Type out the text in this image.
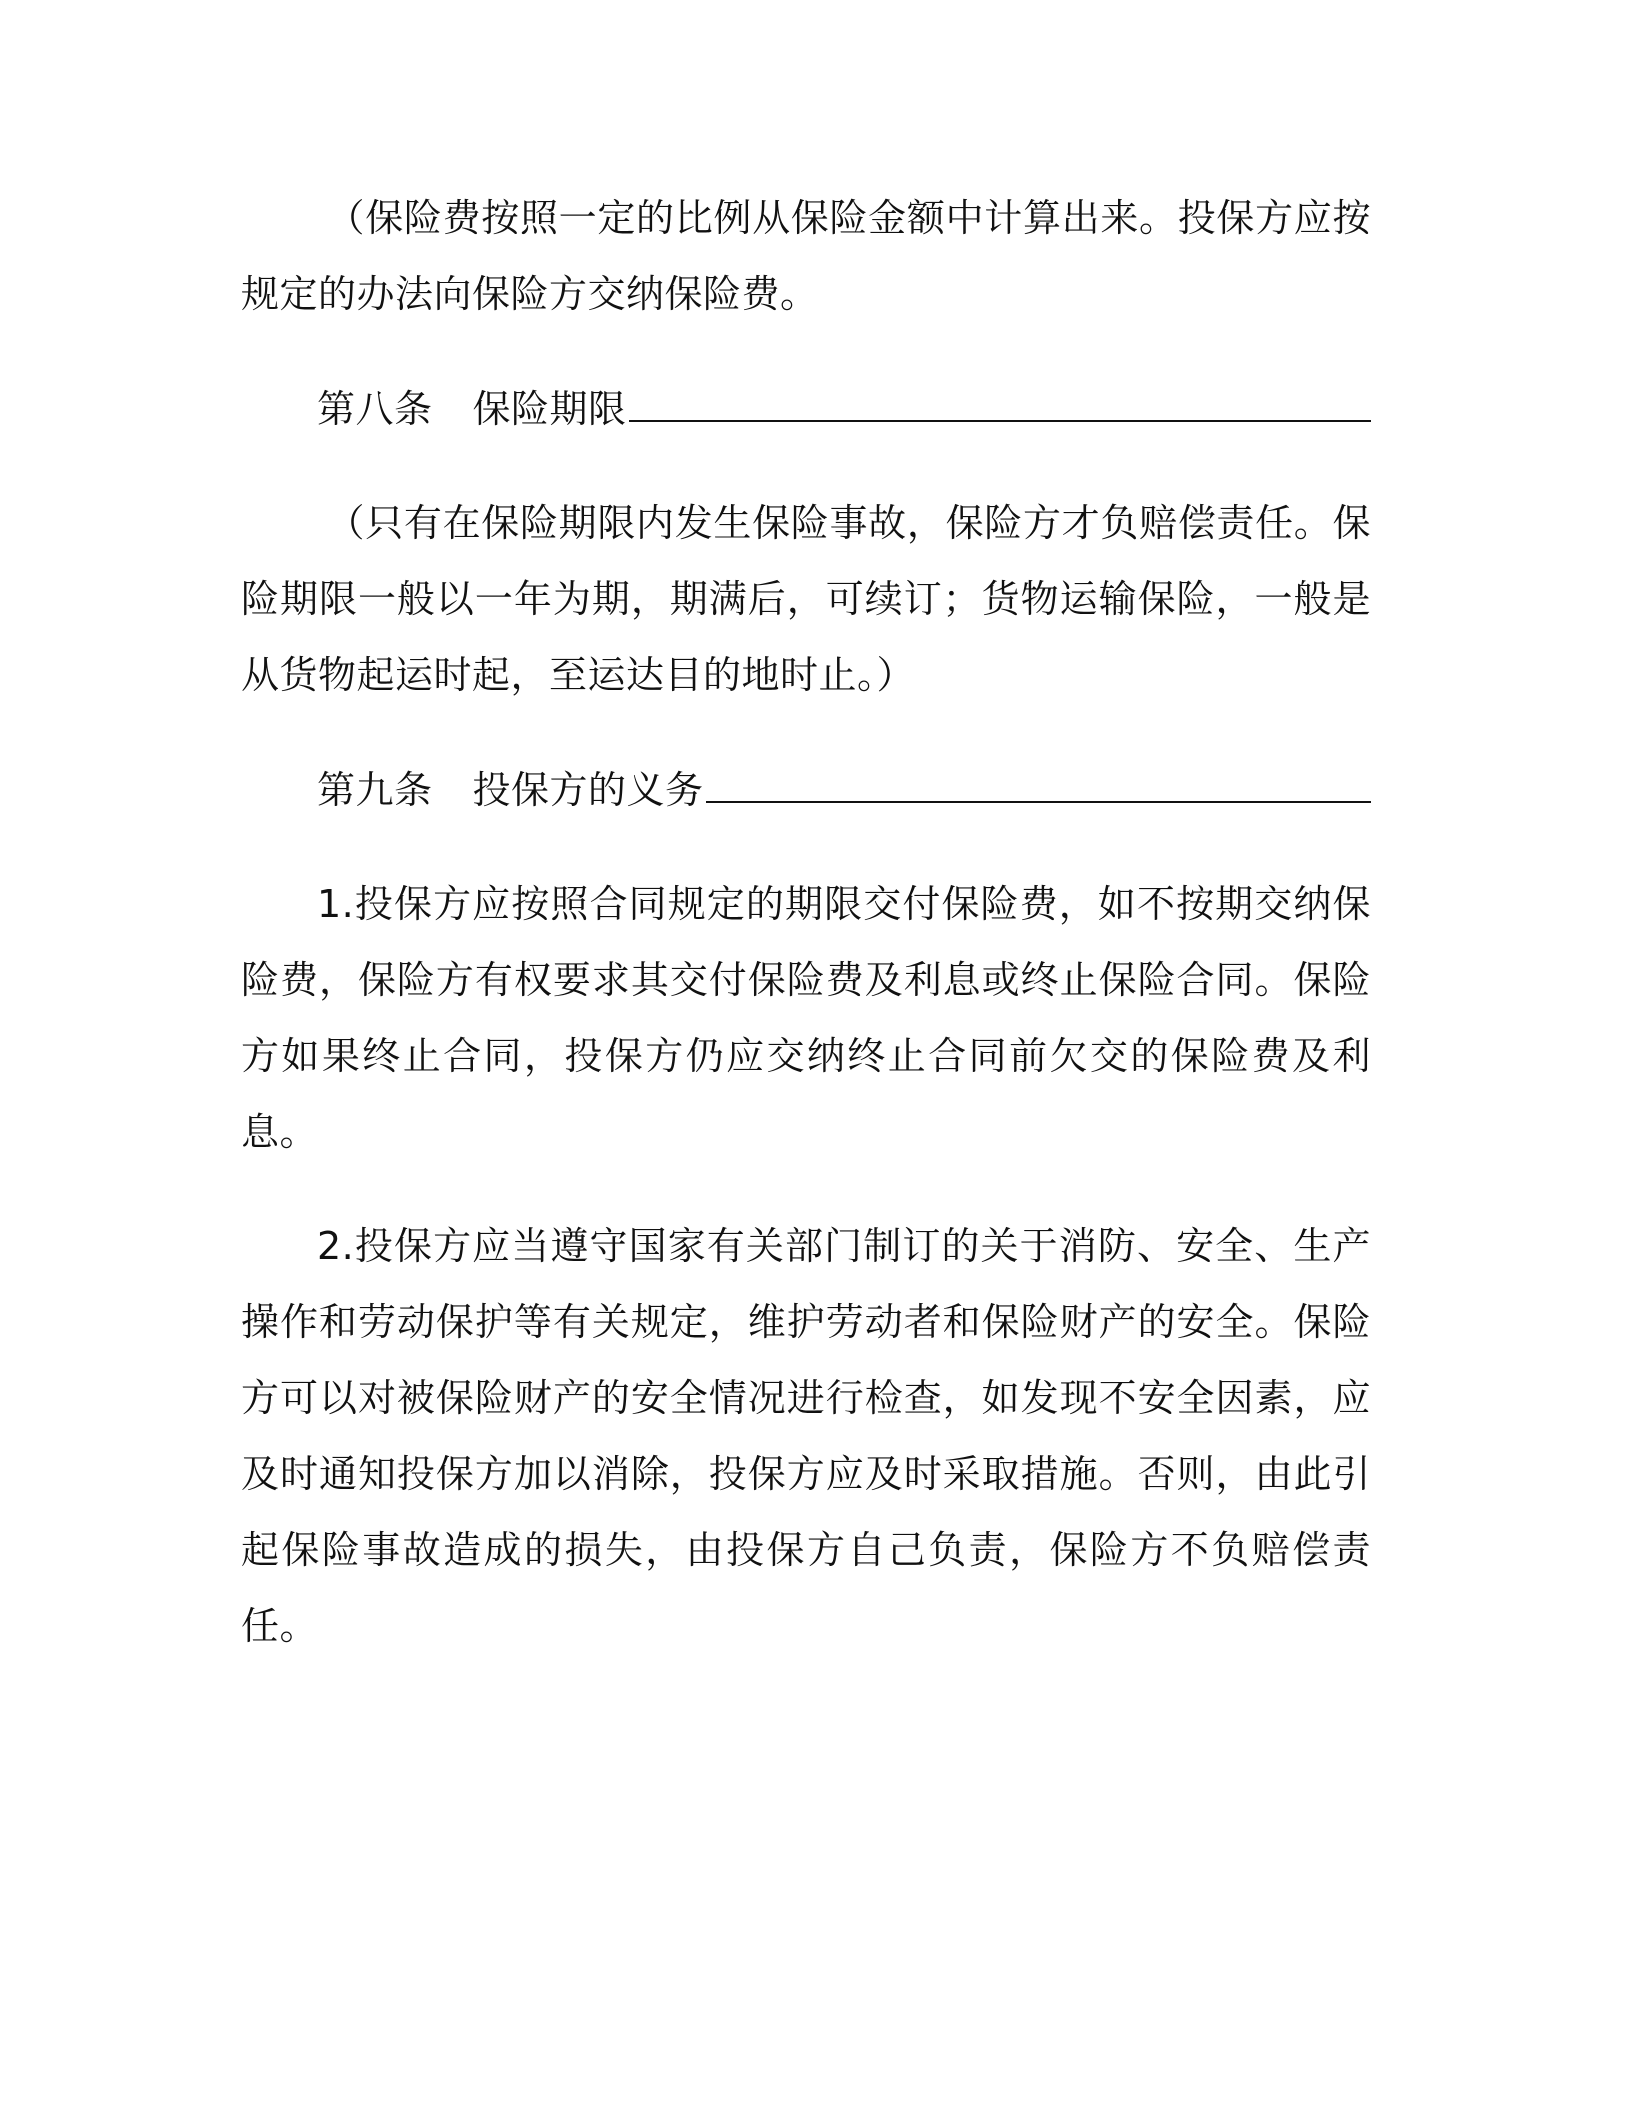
（保险费按照一定的比例从保险金额中计算出来。投保方应按规定的办法向保险方交纳保险费。

第八条 保险期限

（只有在保险期限内发生保险事故，保险方才负赔偿责任。保险期限一般以一年为期，期满后，可续订；货物运输保险，一般是从货物起运时起，至运达目的地时止。）

第九条 投保方的义务

1.投保方应按照合同规定的期限交付保险费，如不按期交纳保险费，保险方有权要求其交付保险费及利息或终止保险合同。保险方如果终止合同，投保方仍应交纳终止合同前欠交的保险费及利息。

2.投保方应当遵守国家有关部门制订的关于消防、安全、生产操作和劳动保护等有关规定，维护劳动者和保险财产的安全。保险方可以对被保险财产的安全情况进行检查，如发现不安全因素，应及时通知投保方加以消除，投保方应及时采取措施。否则，由此引起保险事故造成的损失，由投保方自己负责，保险方不负赔偿责任。
